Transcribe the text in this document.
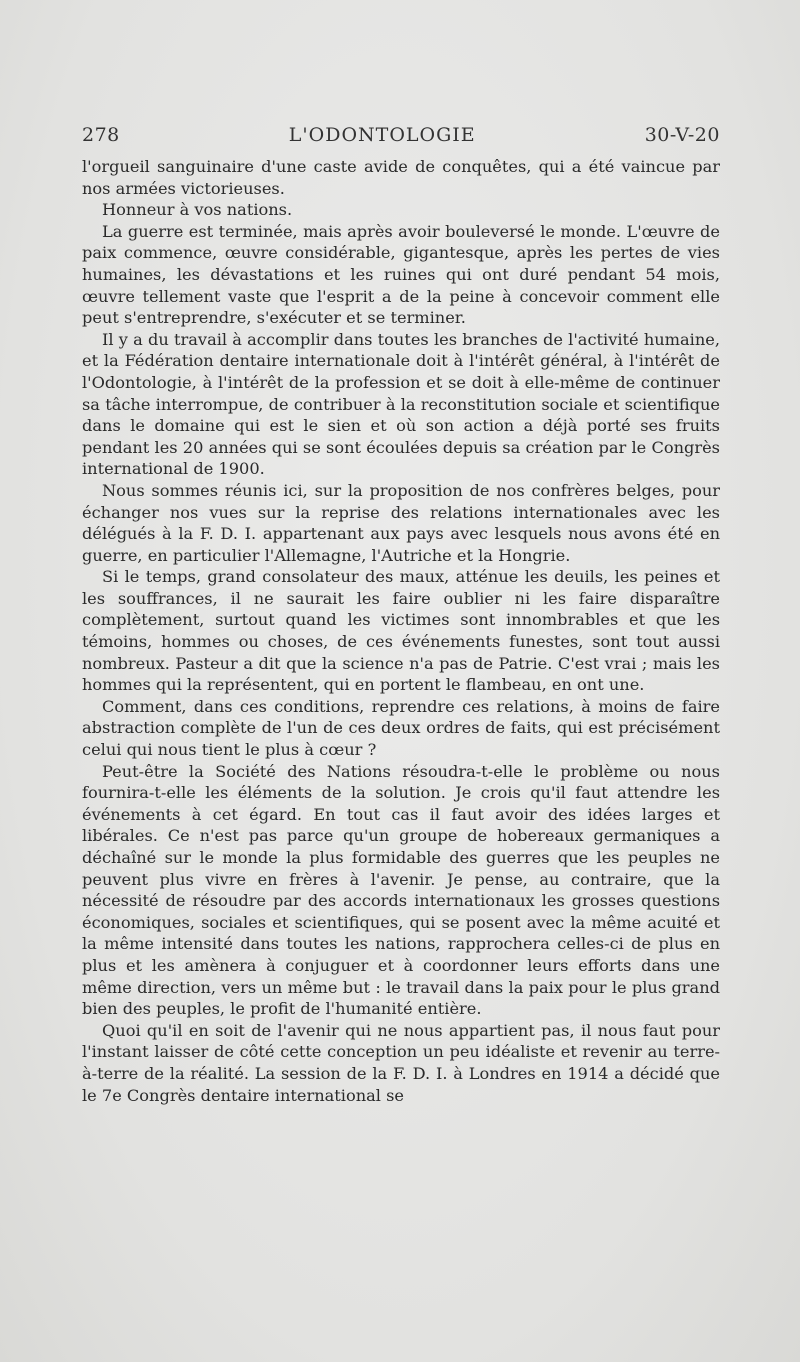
278	L'ODONTOLOGIE	30-V-20

l'orgueil sanguinaire d'une caste avide de conquêtes, qui a été vaincue par nos armées victorieuses.

Honneur à vos nations.

La guerre est terminée, mais après avoir bouleversé le monde. L'œuvre de paix commence, œuvre considérable, gigantesque, après les pertes de vies humaines, les dévastations et les ruines qui ont duré pendant 54 mois, œuvre tellement vaste que l'esprit a de la peine à concevoir comment elle peut s'entreprendre, s'exécuter et se terminer.

Il y a du travail à accomplir dans toutes les branches de l'activité humaine, et la Fédération dentaire internationale doit à l'intérêt général, à l'intérêt de l'Odontologie, à l'intérêt de la profession et se doit à elle-même de continuer sa tâche interrompue, de contribuer à la reconstitution sociale et scientifique dans le domaine qui est le sien et où son action a déjà porté ses fruits pendant les 20 années qui se sont écoulées depuis sa création par le Congrès international de 1900.

Nous sommes réunis ici, sur la proposition de nos confrères belges, pour échanger nos vues sur la reprise des relations internationales avec les délégués à la F. D. I. appartenant aux pays avec lesquels nous avons été en guerre, en particulier l'Allemagne, l'Autriche et la Hongrie.

Si le temps, grand consolateur des maux, atténue les deuils, les peines et les souffrances, il ne saurait les faire oublier ni les faire disparaître complètement, surtout quand les victimes sont innombrables et que les témoins, hommes ou choses, de ces événements funestes, sont tout aussi nombreux. Pasteur a dit que la science n'a pas de Patrie. C'est vrai ; mais les hommes qui la représentent, qui en portent le flambeau, en ont une.

Comment, dans ces conditions, reprendre ces relations, à moins de faire abstraction complète de l'un de ces deux ordres de faits, qui est précisément celui qui nous tient le plus à cœur ?

Peut-être la Société des Nations résoudra-t-elle le problème ou nous fournira-t-elle les éléments de la solution. Je crois qu'il faut attendre les événements à cet égard. En tout cas il faut avoir des idées larges et libérales. Ce n'est pas parce qu'un groupe de hobereaux germaniques a déchaîné sur le monde la plus formidable des guerres que les peuples ne peuvent plus vivre en frères à l'avenir. Je pense, au contraire, que la nécessité de résoudre par des accords internationaux les grosses questions économiques, sociales et scientifiques, qui se posent avec la même acuité et la même intensité dans toutes les nations, rapprochera celles-ci de plus en plus et les amènera à conjuguer et à coordonner leurs efforts dans une même direction, vers un même but : le travail dans la paix pour le plus grand bien des peuples, le profit de l'humanité entière.

Quoi qu'il en soit de l'avenir qui ne nous appartient pas, il nous faut pour l'instant laisser de côté cette conception un peu idéaliste et revenir au terre-à-terre de la réalité. La session de la F. D. I. à Londres en 1914 a décidé que le 7e Congrès dentaire international se
